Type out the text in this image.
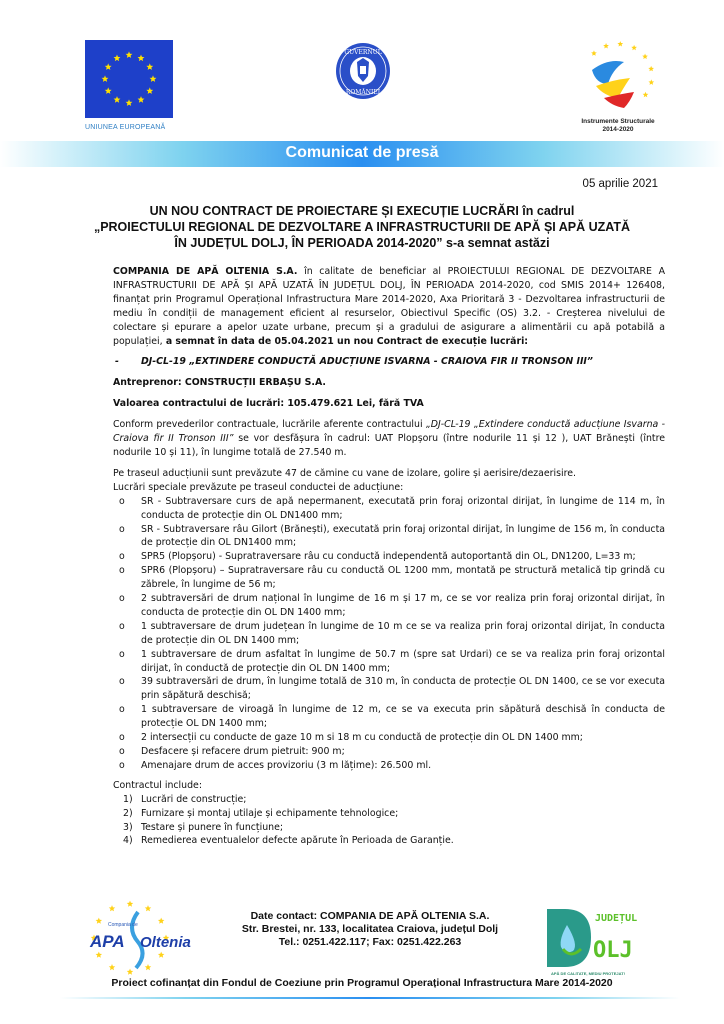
UNIUNEA EUROPEANĂ
GUVERNUL
ROMÂNIEI
Instrumente Structurale
2014-2020
Comunicat de presă
05 aprilie 2021
UN NOU CONTRACT DE PROIECTARE ȘI EXECUȚIE LUCRĂRI în cadrul
„PROIECTULUI REGIONAL DE DEZVOLTARE A INFRASTRUCTURII DE APĂ ȘI APĂ UZATĂ
ÎN JUDEȚUL DOLJ, ÎN PERIOADA 2014-2020” s-a semnat astăzi

COMPANIA DE APĂ OLTENIA S.A. în calitate de beneficiar al PROIECTULUI REGIONAL DE DEZVOLTARE A INFRASTRUCTURII DE APĂ ȘI APĂ UZATĂ ÎN JUDEȚUL DOLJ, ÎN PERIOADA 2014-2020, cod SMIS 2014+ 126408, finanțat prin Programul Operațional Infrastructura Mare 2014-2020, Axa Prioritară 3 - Dezvoltarea infrastructurii de mediu în condiții de management eficient al resurselor, Obiectivul Specific (OS) 3.2. - Creșterea nivelului de colectare și epurare a apelor uzate urbane, precum și a gradului de asigurare a alimentării cu apă potabilă a populației, a semnat în data de 05.04.2021 un nou Contract de execuție lucrări:

- DJ-CL-19 „EXTINDERE CONDUCTĂ ADUCȚIUNE ISVARNA - CRAIOVA FIR II TRONSON III”

Antreprenor: CONSTRUCȚII ERBAȘU S.A.

Valoarea contractului de lucrări: 105.479.621 Lei, fără TVA

Conform prevederilor contractuale, lucrările aferente contractului „DJ-CL-19 „Extindere conductă aducțiune Isvarna - Craiova fir II Tronson III” se vor desfășura în cadrul: UAT Plopșoru (între nodurile 11 și 12 ), UAT Brănești (între nodurile 10 și 11), în lungime totală de 27.540 m.

Pe traseul aducțiunii sunt prevăzute 47 de cămine cu vane de izolare, golire și aerisire/dezaerisire.

Lucrări speciale prevăzute pe traseul conductei de aducțiune:

o SR - Subtraversare curs de apă nepermanent, executată prin foraj orizontal dirijat, în lungime de 114 m, în conducta de protecție din OL DN1400 mm;
o SR - Subtraversare râu Gilort (Brănești), executată prin foraj orizontal dirijat, în lungime de 156 m, în conducta de protecție din OL DN1400 mm;
o SPR5 (Plopșoru) - Supratraversare râu cu conductă independentă autoportantă din OL, DN1200, L=33 m;
o SPR6 (Plopșoru) – Supratraversare râu cu conductă OL 1200 mm, montată pe structură metalică tip grindă cu zăbrele, în lungime de 56 m;
o 2 subtraversări de drum național în lungime de 16 m și 17 m, ce se vor realiza prin foraj orizontal dirijat, în conducta de protecție din OL DN 1400 mm;
o 1 subtraversare de drum județean în lungime de 10 m ce se va realiza prin foraj orizontal dirijat, în conducta de protecție din OL DN 1400 mm;
o 1 subtraversare de drum asfaltat în lungime de 50.7 m (spre sat Urdari) ce se va realiza prin foraj orizontal dirijat, în conductă de protecție din OL DN 1400 mm;
o 39 subtraversări de drum, în lungime totală de 310 m, în conducta de protecție OL DN 1400, ce se vor executa prin săpătură deschisă;
o 1 subtraversare de viroagă în lungime de 12 m, ce se va executa prin săpătură deschisă în conducta de protecție OL DN 1400 mm;
o 2 intersecții cu conducte de gaze 10 m si 18 m cu conductă de protecție din OL DN 1400 mm;
o Desfacere și refacere drum pietruit: 900 m;
o Amenajare drum de acces provizoriu (3 m lățime): 26.500 ml.

Contractul include:

1) Lucrări de construcție;
2) Furnizare și montaj utilaje și echipamente tehnologice;
3) Testare și punere în funcțiune;
4) Remedierea eventualelor defecte apărute în Perioada de Garanție.
Compania de
APA Oltenia
Date contact: COMPANIA DE APĂ OLTENIA S.A.
Str. Brestei, nr. 133, localitatea Craiova, județul Dolj
Tel.: 0251.422.117; Fax: 0251.422.263
JUDEȚUL
OLJ
APĂ DE CALITATE, MEDIU PROTEJAT!
Proiect cofinanțat din Fondul de Coeziune prin Programul Operațional Infrastructura Mare 2014-2020
